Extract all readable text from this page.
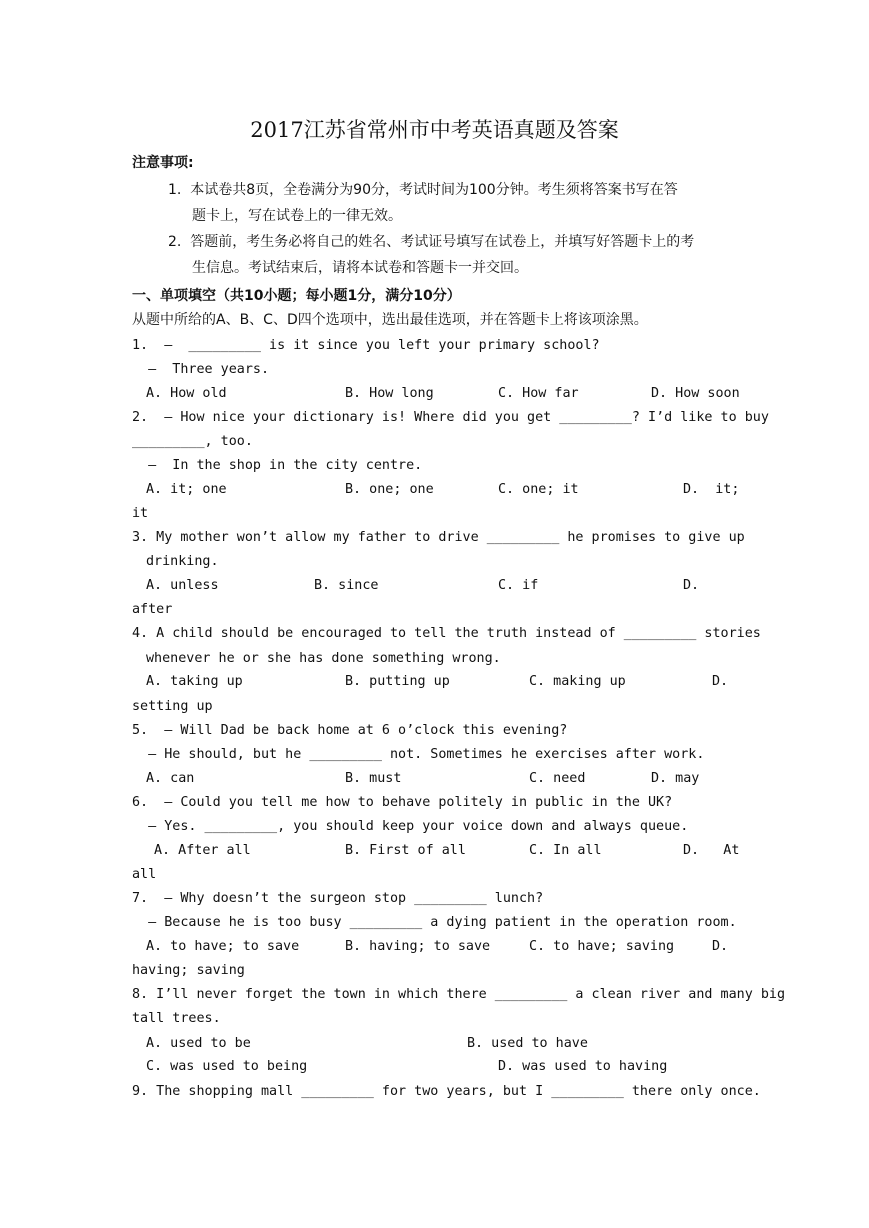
2017江苏省常州市中考英语真题及答案
注意事项:
1.  本试卷共8页，全卷满分为90分，考试时间为100分钟。考生须将答案书写在答
题卡上，写在试卷上的一律无效。
2.  答题前，考生务必将自己的姓名、考试证号填写在试卷上，并填写好答题卡上的考
生信息。考试结束后，请将本试卷和答题卡一并交回。
一、单项填空（共10小题；每小题1分，满分10分）
从题中所给的A、B、C、D四个选项中，选出最佳选项，并在答题卡上将该项涂黑。
1.  –  _________ is it since you left your primary school?
–  Three years.
A. How old	B. How long	C. How far	D. How soon
2.  – How nice your dictionary is! Where did you get _________? I’d like to buy
_________, too.
–  In the shop in the city centre.
A. it; one	B. one; one	C. one; it	D.  it;
it
3. My mother won’t allow my father to drive _________ he promises to give up
drinking.
A. unless	B. since	C. if	D.
after
4. A child should be encouraged to tell the truth instead of _________ stories
whenever he or she has done something wrong.
A. taking up	B. putting up	C. making up	D.
setting up
5.  – Will Dad be back home at 6 o’clock this evening?
– He should, but he _________ not. Sometimes he exercises after work.
A. can	B. must	C. need	D. may
6.  – Could you tell me how to behave politely in public in the UK?
– Yes. _________, you should keep your voice down and always queue.
A. After all	B. First of all	C. In all	D.   At
all
7.  – Why doesn’t the surgeon stop _________ lunch?
– Because he is too busy _________ a dying patient in the operation room.
A. to have; to save	B. having; to save	C. to have; saving	D.
having; saving
8. I’ll never forget the town in which there _________ a clean river and many big
tall trees.
A. used to be	B. used to have
C. was used to being	D. was used to having
9. The shopping mall _________ for two years, but I _________ there only once.
